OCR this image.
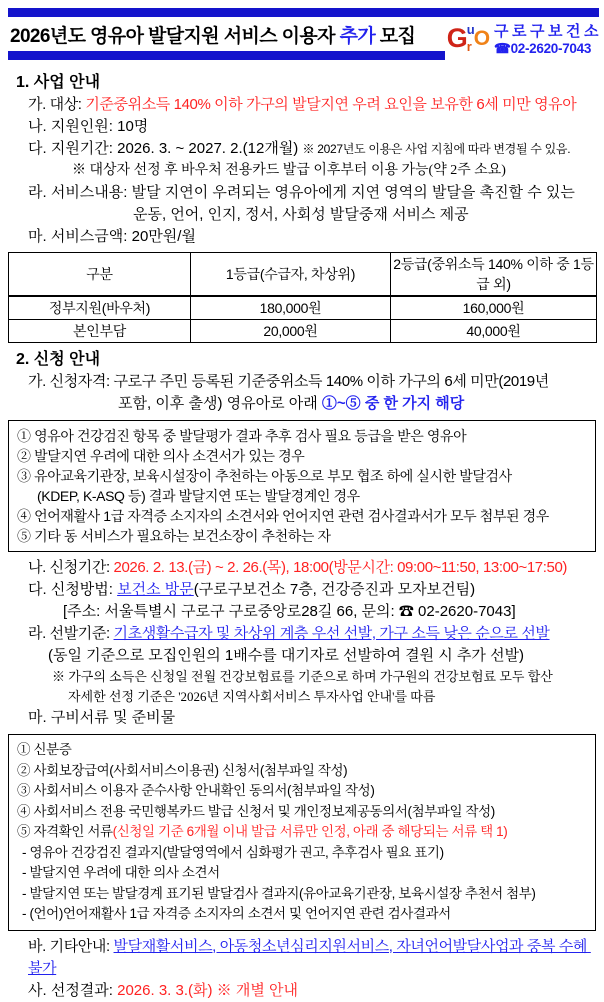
2026년도 영유아 발달지원 서비스 이용자 추가 모집	G u
r O 구로구보건소
☎02-2620-7043
1. 사업 안내
가. 대상: 기준중위소득 140% 이하 가구의 발달지연 우려 요인을 보유한 6세 미만 영유아
나. 지원인원: 10명
다. 지원기간: 2026. 3. ~ 2027. 2.(12개월) ※ 2027년도 이용은 사업 지침에 따라 변경될 수 있음.
※ 대상자 선정 후 바우처 전용카드 발급 이후부터 이용 가능(약 2주 소요)
라. 서비스내용: 발달 지연이 우려되는 영유아에게 지연 영역의 발달을 촉진할 수 있는
운동, 언어, 인지, 정서, 사회성 발달중재 서비스 제공
마. 서비스금액: 20만원/월
구분	1등급(수급자, 차상위)	2등급(중위소득 140% 이하 중 1등급 외)
정부지원(바우처)	180,000원	160,000원
본인부담	20,000원	40,000원
2. 신청 안내
가. 신청자격: 구로구 주민 등록된 기준중위소득 140% 이하 가구의 6세 미만(2019년
포함, 이후 출생) 영유아로 아래 ①~⑤ 중 한 가지 해당
① 영유아 건강검진 항목 중 발달평가 결과 추후 검사 필요 등급을 받은 영유아
② 발달지연 우려에 대한 의사 소견서가 있는 경우
③ 유아교육기관장, 보육시설장이 추천하는 아동으로 부모 협조 하에 실시한 발달검사
(KDEP, K-ASQ 등) 결과 발달지연 또는 발달경계인 경우
④ 언어재활사 1급 자격증 소지자의 소견서와 언어지연 관련 검사결과서가 모두 첨부된 경우
⑤ 기타 동 서비스가 필요하는 보건소장이 추천하는 자
나. 신청기간: 2026. 2. 13.(금) ~ 2. 26.(목), 18:00(방문시간: 09:00~11:50, 13:00~17:50)
다. 신청방법: 보건소 방문(구로구보건소 7층, 건강증진과 모자보건팀)
[주소: 서울특별시 구로구 구로중앙로28길 66, 문의: ☎ 02-2620-7043]
라. 선발기준: 기초생활수급자 및 차상위 계층 우선 선발, 가구 소득 낮은 순으로 선발
(동일 기준으로 모집인원의 1배수를 대기자로 선발하여 결원 시 추가 선발)
※ 가구의 소득은 신청일 전월 건강보험료를 기준으로 하며 가구원의 건강보험료 모두 합산
자세한 선정 기준은 '2026년 지역사회서비스 투자사업 안내'를 따름
마. 구비서류 및 준비물
① 신분증
② 사회보장급여(사회서비스이용권) 신청서(첨부파일 작성)
③ 사회서비스 이용자 준수사항 안내확인 동의서(첨부파일 작성)
④ 사회서비스 전용 국민행복카드 발급 신청서 및 개인정보제공동의서(첨부파일 작성)
⑤ 자격확인 서류(신청일 기준 6개월 이내 발급 서류만 인정, 아래 중 해당되는 서류 택 1)
- 영유아 건강검진 결과지(발달영역에서 심화평가 권고, 추후검사 필요 표기)
- 발달지연 우려에 대한 의사 소견서
- 발달지연 또는 발달경계 표기된 발달검사 결과지(유아교육기관장, 보육시설장 추천서 첨부)
- (언어)언어재활사 1급 자격증 소지자의 소견서 및 언어지연 관련 검사결과서
바. 기타안내: 발달재활서비스, 아동청소년심리지원서비스, 자녀언어발달사업과 중복 수혜 불가
사. 선정결과: 2026. 3. 3.(화) ※ 개별 안내
